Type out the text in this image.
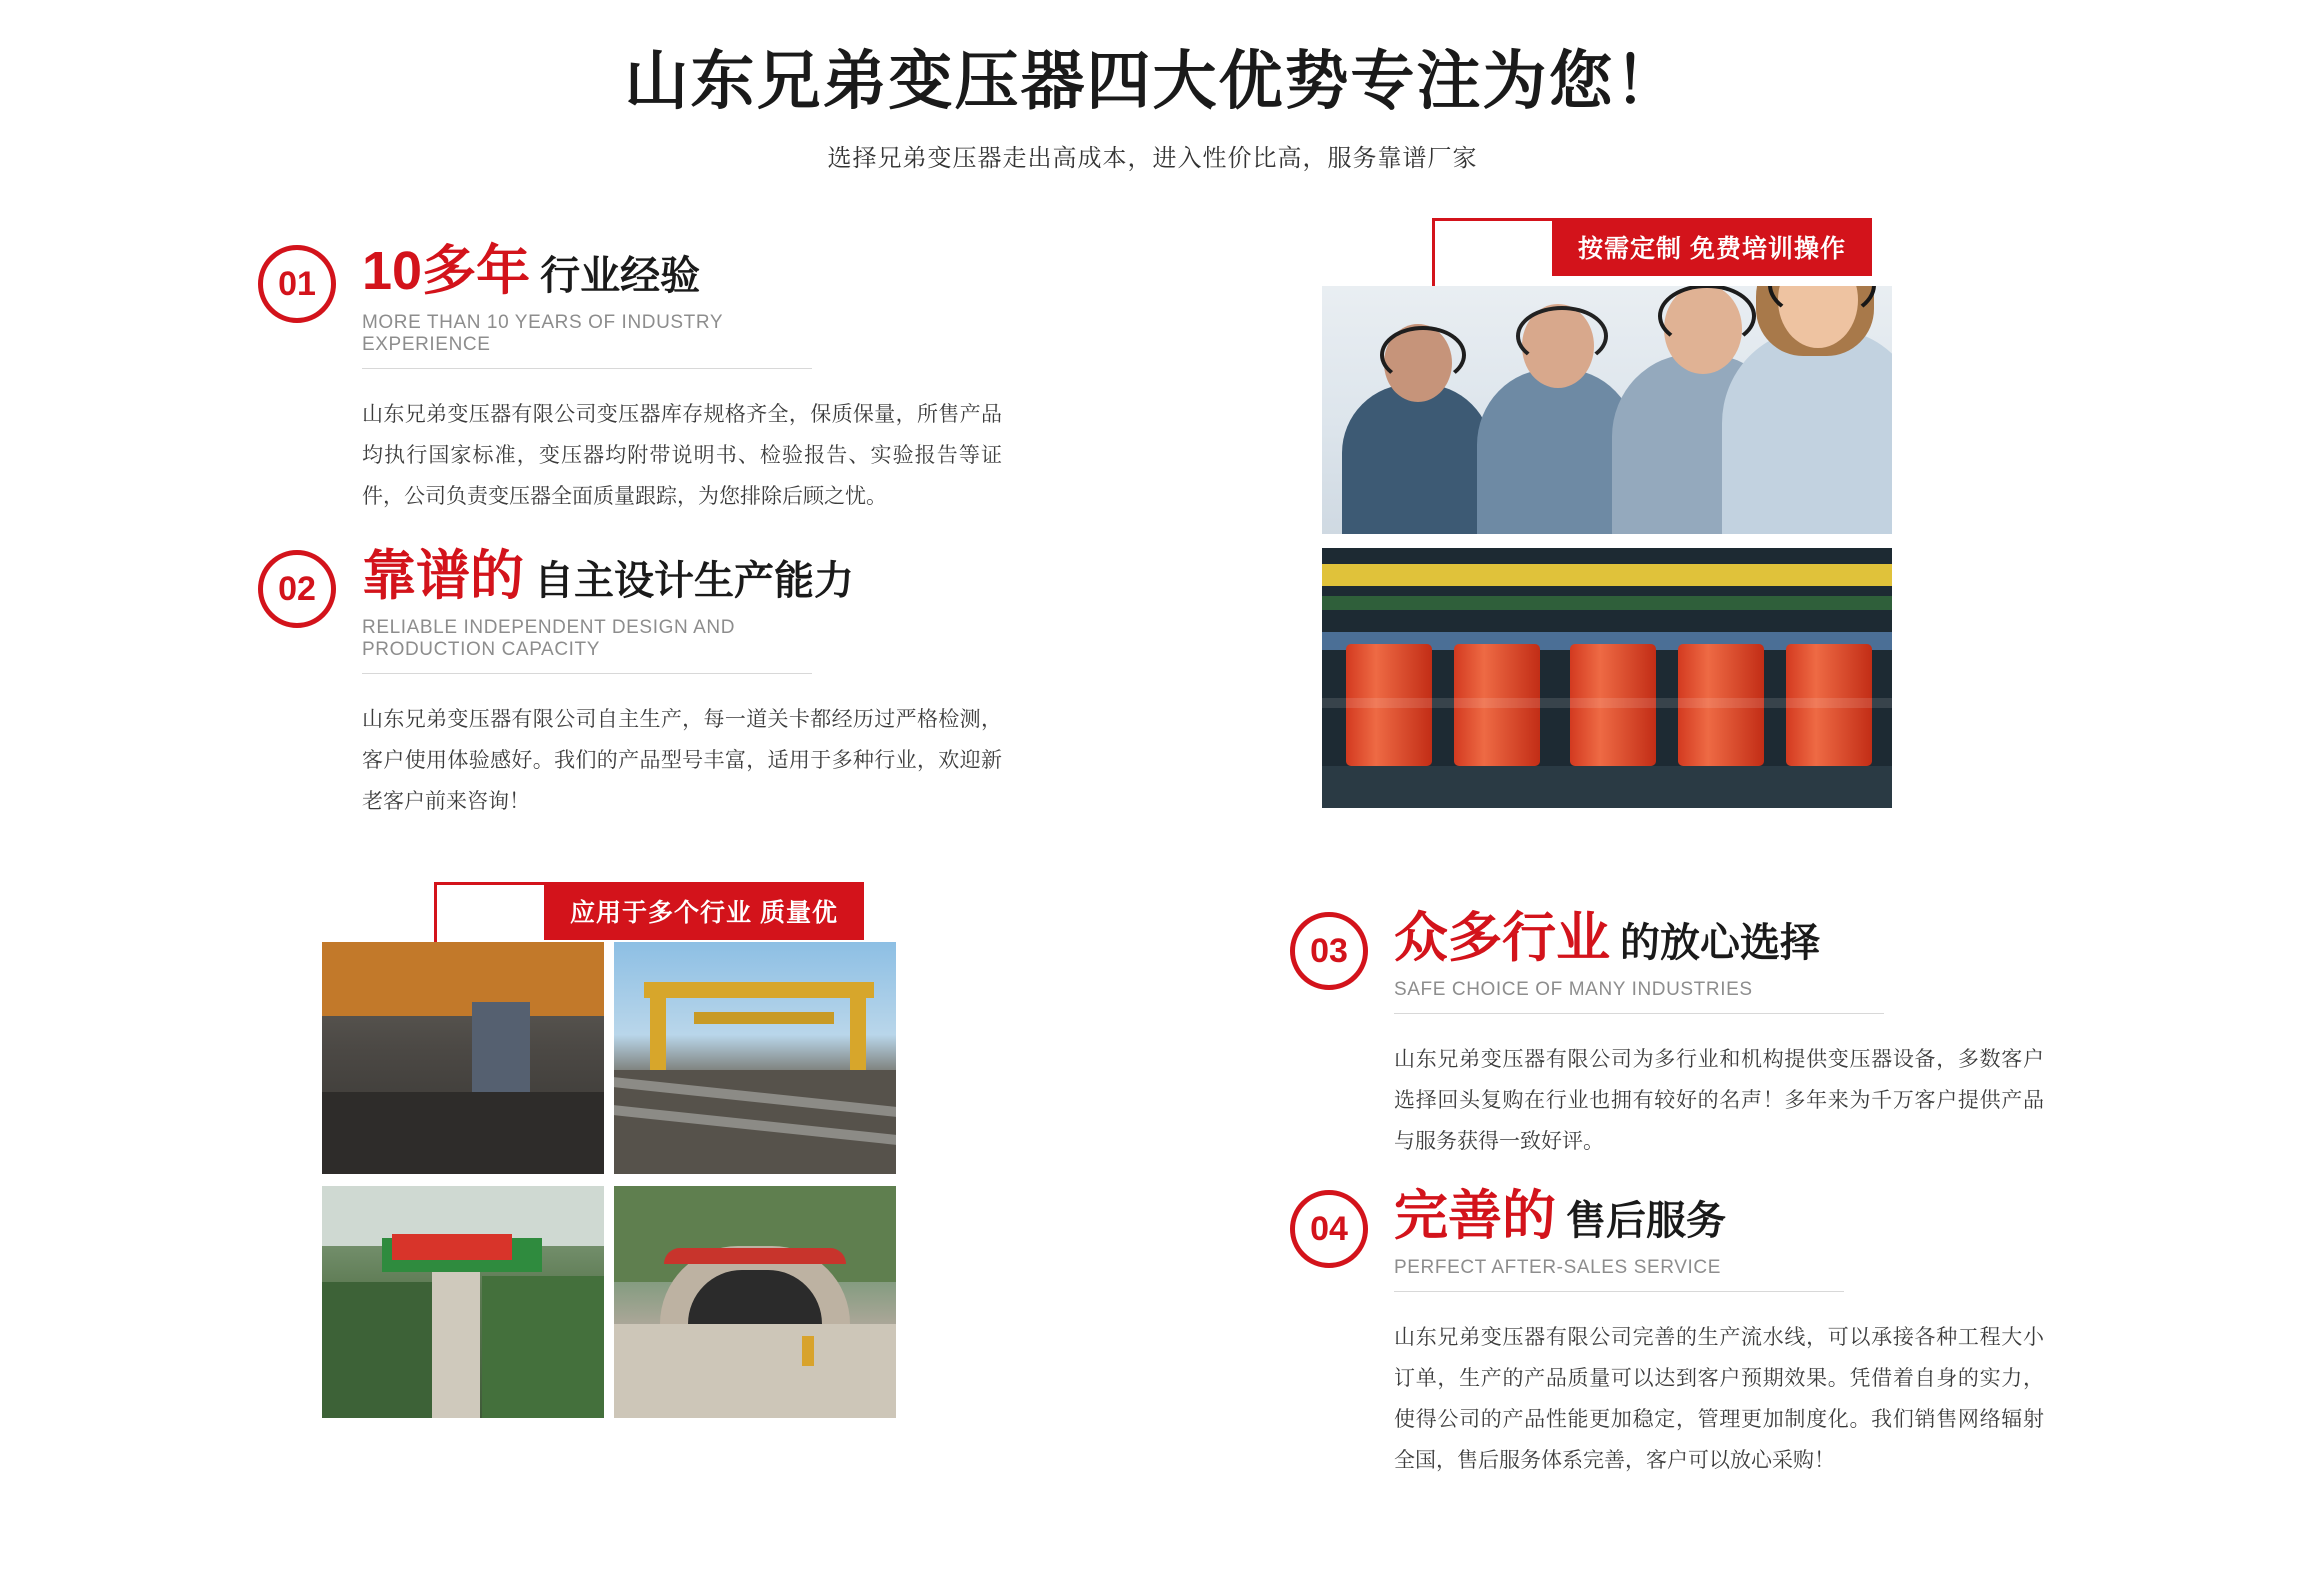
山东兄弟变压器四大优势专注为您！
选择兄弟变压器走出高成本，进入性价比高，服务靠谱厂家
01 10多年 行业经验
MORE THAN 10 YEARS OF INDUSTRY EXPERIENCE
山东兄弟变压器有限公司变压器库存规格齐全，保质保量，所售产品均执行国家标准，变压器均附带说明书、检验报告、实验报告等证件，公司负责变压器全面质量跟踪，为您排除后顾之忧。
02 靠谱的 自主设计生产能力
RELIABLE INDEPENDENT DESIGN AND PRODUCTION CAPACITY
山东兄弟变压器有限公司自主生产，每一道关卡都经历过严格检测，客户使用体验感好。我们的产品型号丰富，适用于多种行业，欢迎新老客户前来咨询！
03 众多行业 的放心选择
SAFE CHOICE OF MANY INDUSTRIES
山东兄弟变压器有限公司为多行业和机构提供变压器设备，多数客户选择回头复购在行业也拥有较好的名声！多年来为千万客户提供产品与服务获得一致好评。
04 完善的 售后服务
PERFECT AFTER-SALES SERVICE
山东兄弟变压器有限公司完善的生产流水线，可以承接各种工程大小订单，生产的产品质量可以达到客户预期效果。凭借着自身的实力，使得公司的产品性能更加稳定，管理更加制度化。我们销售网络辐射全国，售后服务体系完善，客户可以放心采购！
按需定制 免费培训操作
应用于多个行业 质量优
